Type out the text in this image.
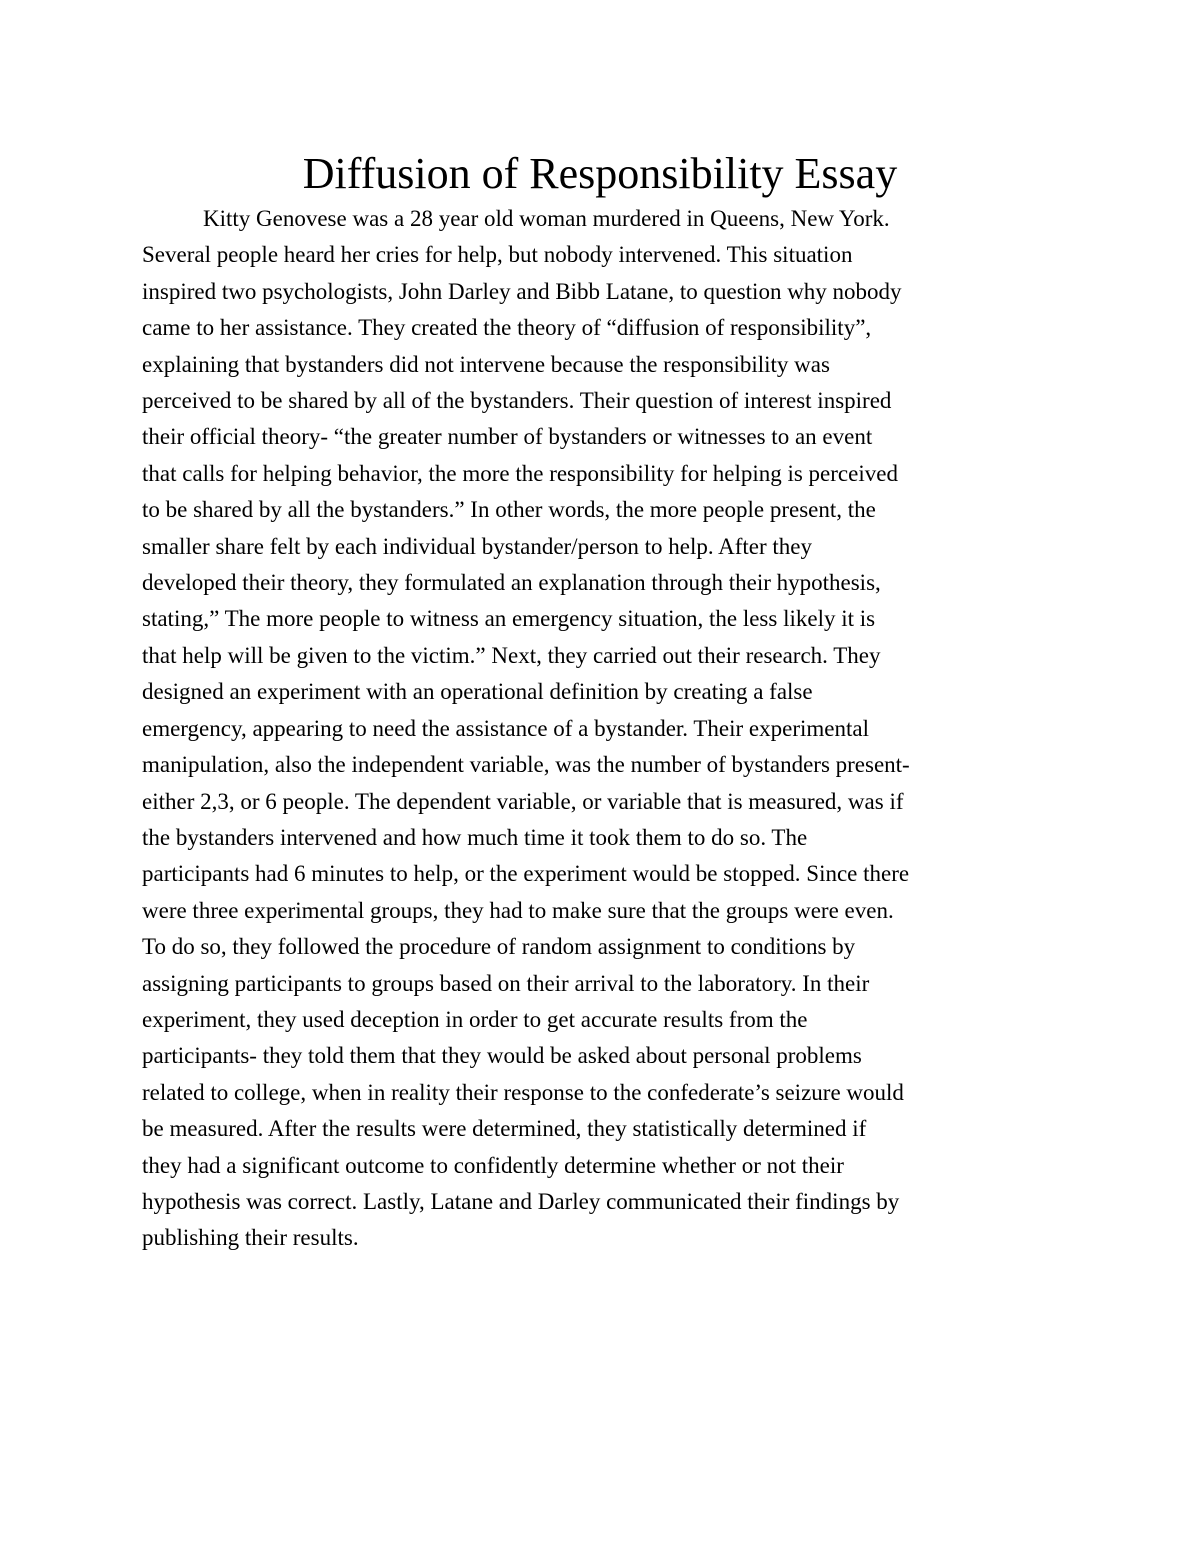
Diffusion of Responsibility Essay
Kitty Genovese was a 28 year old woman murdered in Queens, New York.
Several people heard her cries for help, but nobody intervened. This situation
inspired two psychologists, John Darley and Bibb Latane, to question why nobody
came to her assistance. They created the theory of “diffusion of responsibility”,
explaining that bystanders did not intervene because the responsibility was
perceived to be shared by all of the bystanders. Their question of interest inspired
their official theory- “the greater number of bystanders or witnesses to an event
that calls for helping behavior, the more the responsibility for helping is perceived
to be shared by all the bystanders.” In other words, the more people present, the
smaller share felt by each individual bystander/person to help. After they
developed their theory, they formulated an explanation through their hypothesis,
stating,” The more people to witness an emergency situation, the less likely it is
that help will be given to the victim.” Next, they carried out their research. They
designed an experiment with an operational definition by creating a false
emergency, appearing to need the assistance of a bystander. Their experimental
manipulation, also the independent variable, was the number of bystanders present-
either 2,3, or 6 people. The dependent variable, or variable that is measured, was if
the bystanders intervened and how much time it took them to do so. The
participants had 6 minutes to help, or the experiment would be stopped. Since there
were three experimental groups, they had to make sure that the groups were even.
To do so, they followed the procedure of random assignment to conditions by
assigning participants to groups based on their arrival to the laboratory. In their
experiment, they used deception in order to get accurate results from the
participants- they told them that they would be asked about personal problems
related to college, when in reality their response to the confederate’s seizure would
be measured. After the results were determined, they statistically determined if
they had a significant outcome to confidently determine whether or not their
hypothesis was correct. Lastly, Latane and Darley communicated their findings by
publishing their results.
